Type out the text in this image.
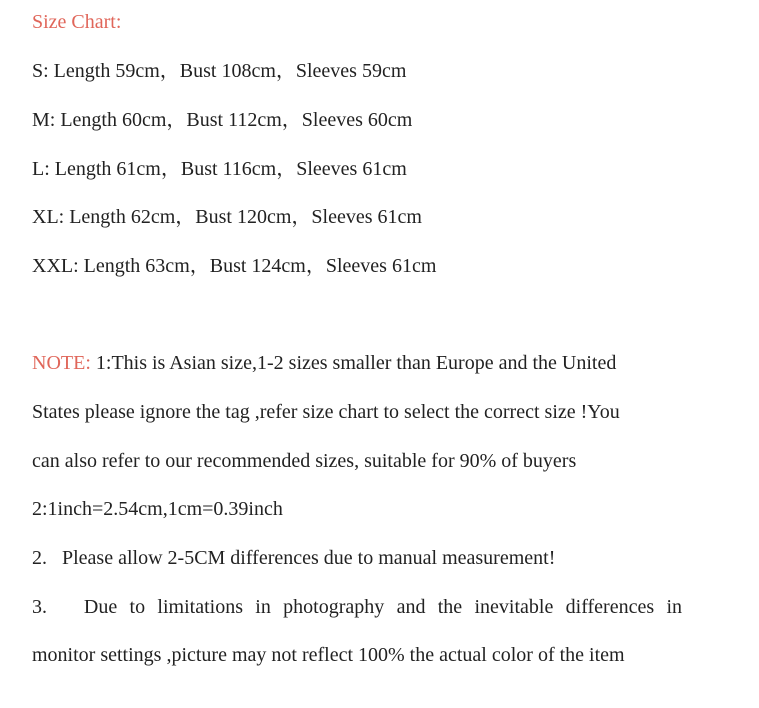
Size Chart:
S: Length 59cm，Bust 108cm，Sleeves 59cm
M: Length 60cm，Bust 112cm，Sleeves 60cm
L: Length 61cm，Bust 116cm，Sleeves 61cm
XL: Length 62cm，Bust 120cm，Sleeves 61cm
XXL: Length 63cm，Bust 124cm，Sleeves 61cm
NOTE: 1:This is Asian size,1-2 sizes smaller than Europe and the United
States please ignore the tag ,refer size chart to select the correct size !You
can also refer to our recommended sizes, suitable for 90% of buyers
2:1inch=2.54cm,1cm=0.39inch
2.   Please allow 2-5CM differences due to manual measurement!
3.   Due to limitations in photography and the inevitable differences in
monitor settings ,picture may not reflect 100% the actual color of the item
